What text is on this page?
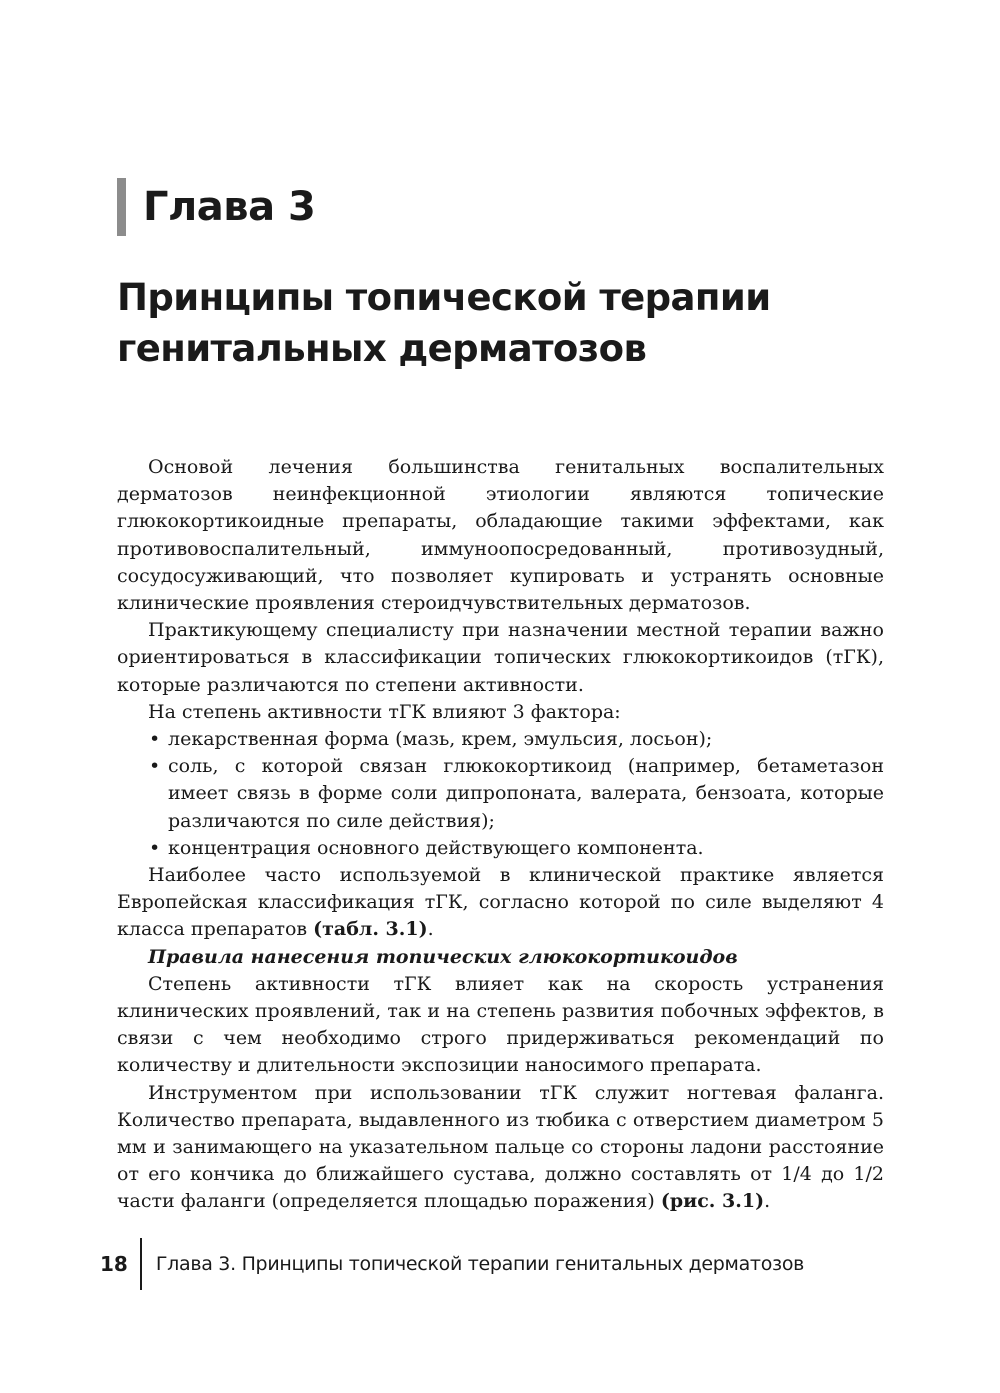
Глава 3
Принципы топической терапии
генитальных дерматозов

Основой лечения большинства генитальных воспалительных дерматозов неинфекционной этиологии являются топические глюкокортикоидные препараты, обладающие такими эффектами, как противовоспалительный, иммуноопосредованный, противозудный, сосудосуживающий, что позволяет купировать и устранять основные клинические проявления стероидчувствительных дерматозов.

Практикующему специалисту при назначении местной терапии важно ориентироваться в классификации топических глюкокортикоидов (тГК), которые различаются по степени активности.

На степень активности тГК влияют 3 фактора:

• лекарственная форма (мазь, крем, эмульсия, лосьон);
• соль, с которой связан глюкокортикоид (например, бетаметазон имеет связь в форме соли дипропоната, валерата, бензоата, которые различаются по силе действия);
• концентрация основного действующего компонента.

Наиболее часто используемой в клинической практике является Европейская классификация тГК, согласно которой по силе выделяют 4 класса препаратов (табл. 3.1).

Правила нанесения топических глюкокортикоидов

Степень активности тГК влияет как на скорость устранения клинических проявлений, так и на степень развития побочных эффектов, в связи с чем необходимо строго придерживаться рекомендаций по количеству и длительности экспозиции наносимого препарата.

Инструментом при использовании тГК служит ногтевая фаланга. Количество препарата, выдавленного из тюбика с отверстием диаметром 5 мм и занимающего на указательном пальце со стороны ладони расстояние от его кончика до ближайшего сустава, должно составлять от 1/4 до 1/2 части фаланги (определяется площадью поражения) (рис. 3.1).

18 Глава 3. Принципы топической терапии генитальных дерматозов
